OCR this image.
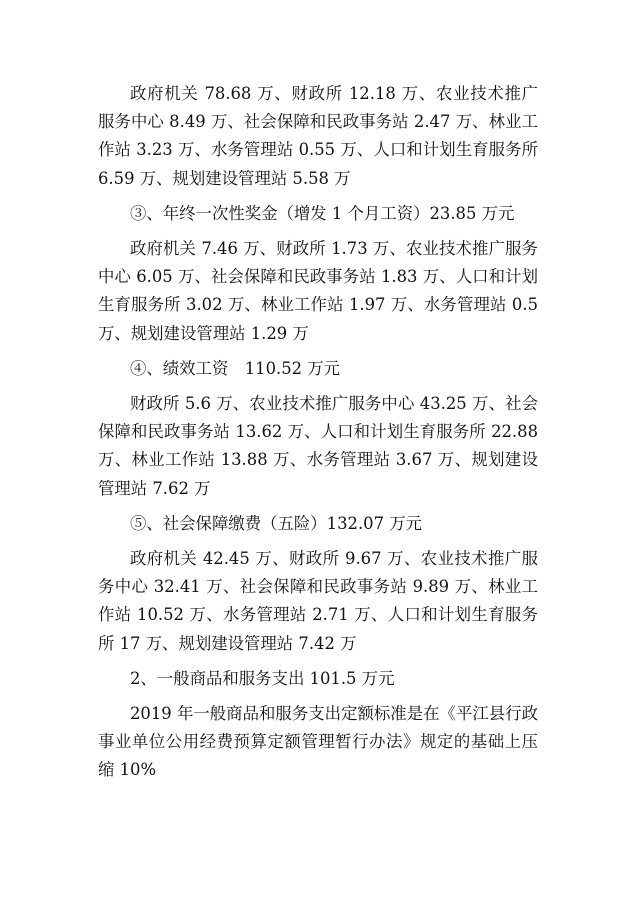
政府机关 78.68 万、财政所 12.18 万、农业技术推广服务中心 8.49 万、社会保障和民政事务站 2.47 万、林业工作站 3.23 万、水务管理站 0.55 万、人口和计划生育服务所 6.59 万、规划建设管理站 5.58 万

③、年终一次性奖金（增发 1 个月工资）23.85 万元

政府机关 7.46 万、财政所 1.73 万、农业技术推广服务中心 6.05 万、社会保障和民政事务站 1.83 万、人口和计划生育服务所 3.02 万、林业工作站 1.97 万、水务管理站 0.5 万、规划建设管理站 1.29 万

④、绩效工资　110.52 万元

财政所 5.6 万、农业技术推广服务中心 43.25 万、社会保障和民政事务站 13.62 万、人口和计划生育服务所 22.88 万、林业工作站 13.88 万、水务管理站 3.67 万、规划建设管理站 7.62 万

⑤、社会保障缴费（五险）132.07 万元

政府机关 42.45 万、财政所 9.67 万、农业技术推广服务中心 32.41 万、社会保障和民政事务站 9.89 万、林业工作站 10.52 万、水务管理站 2.71 万、人口和计划生育服务所 17 万、规划建设管理站 7.42 万

2、一般商品和服务支出 101.5 万元

2019 年一般商品和服务支出定额标准是在《平江县行政事业单位公用经费预算定额管理暂行办法》规定的基础上压缩 10%
